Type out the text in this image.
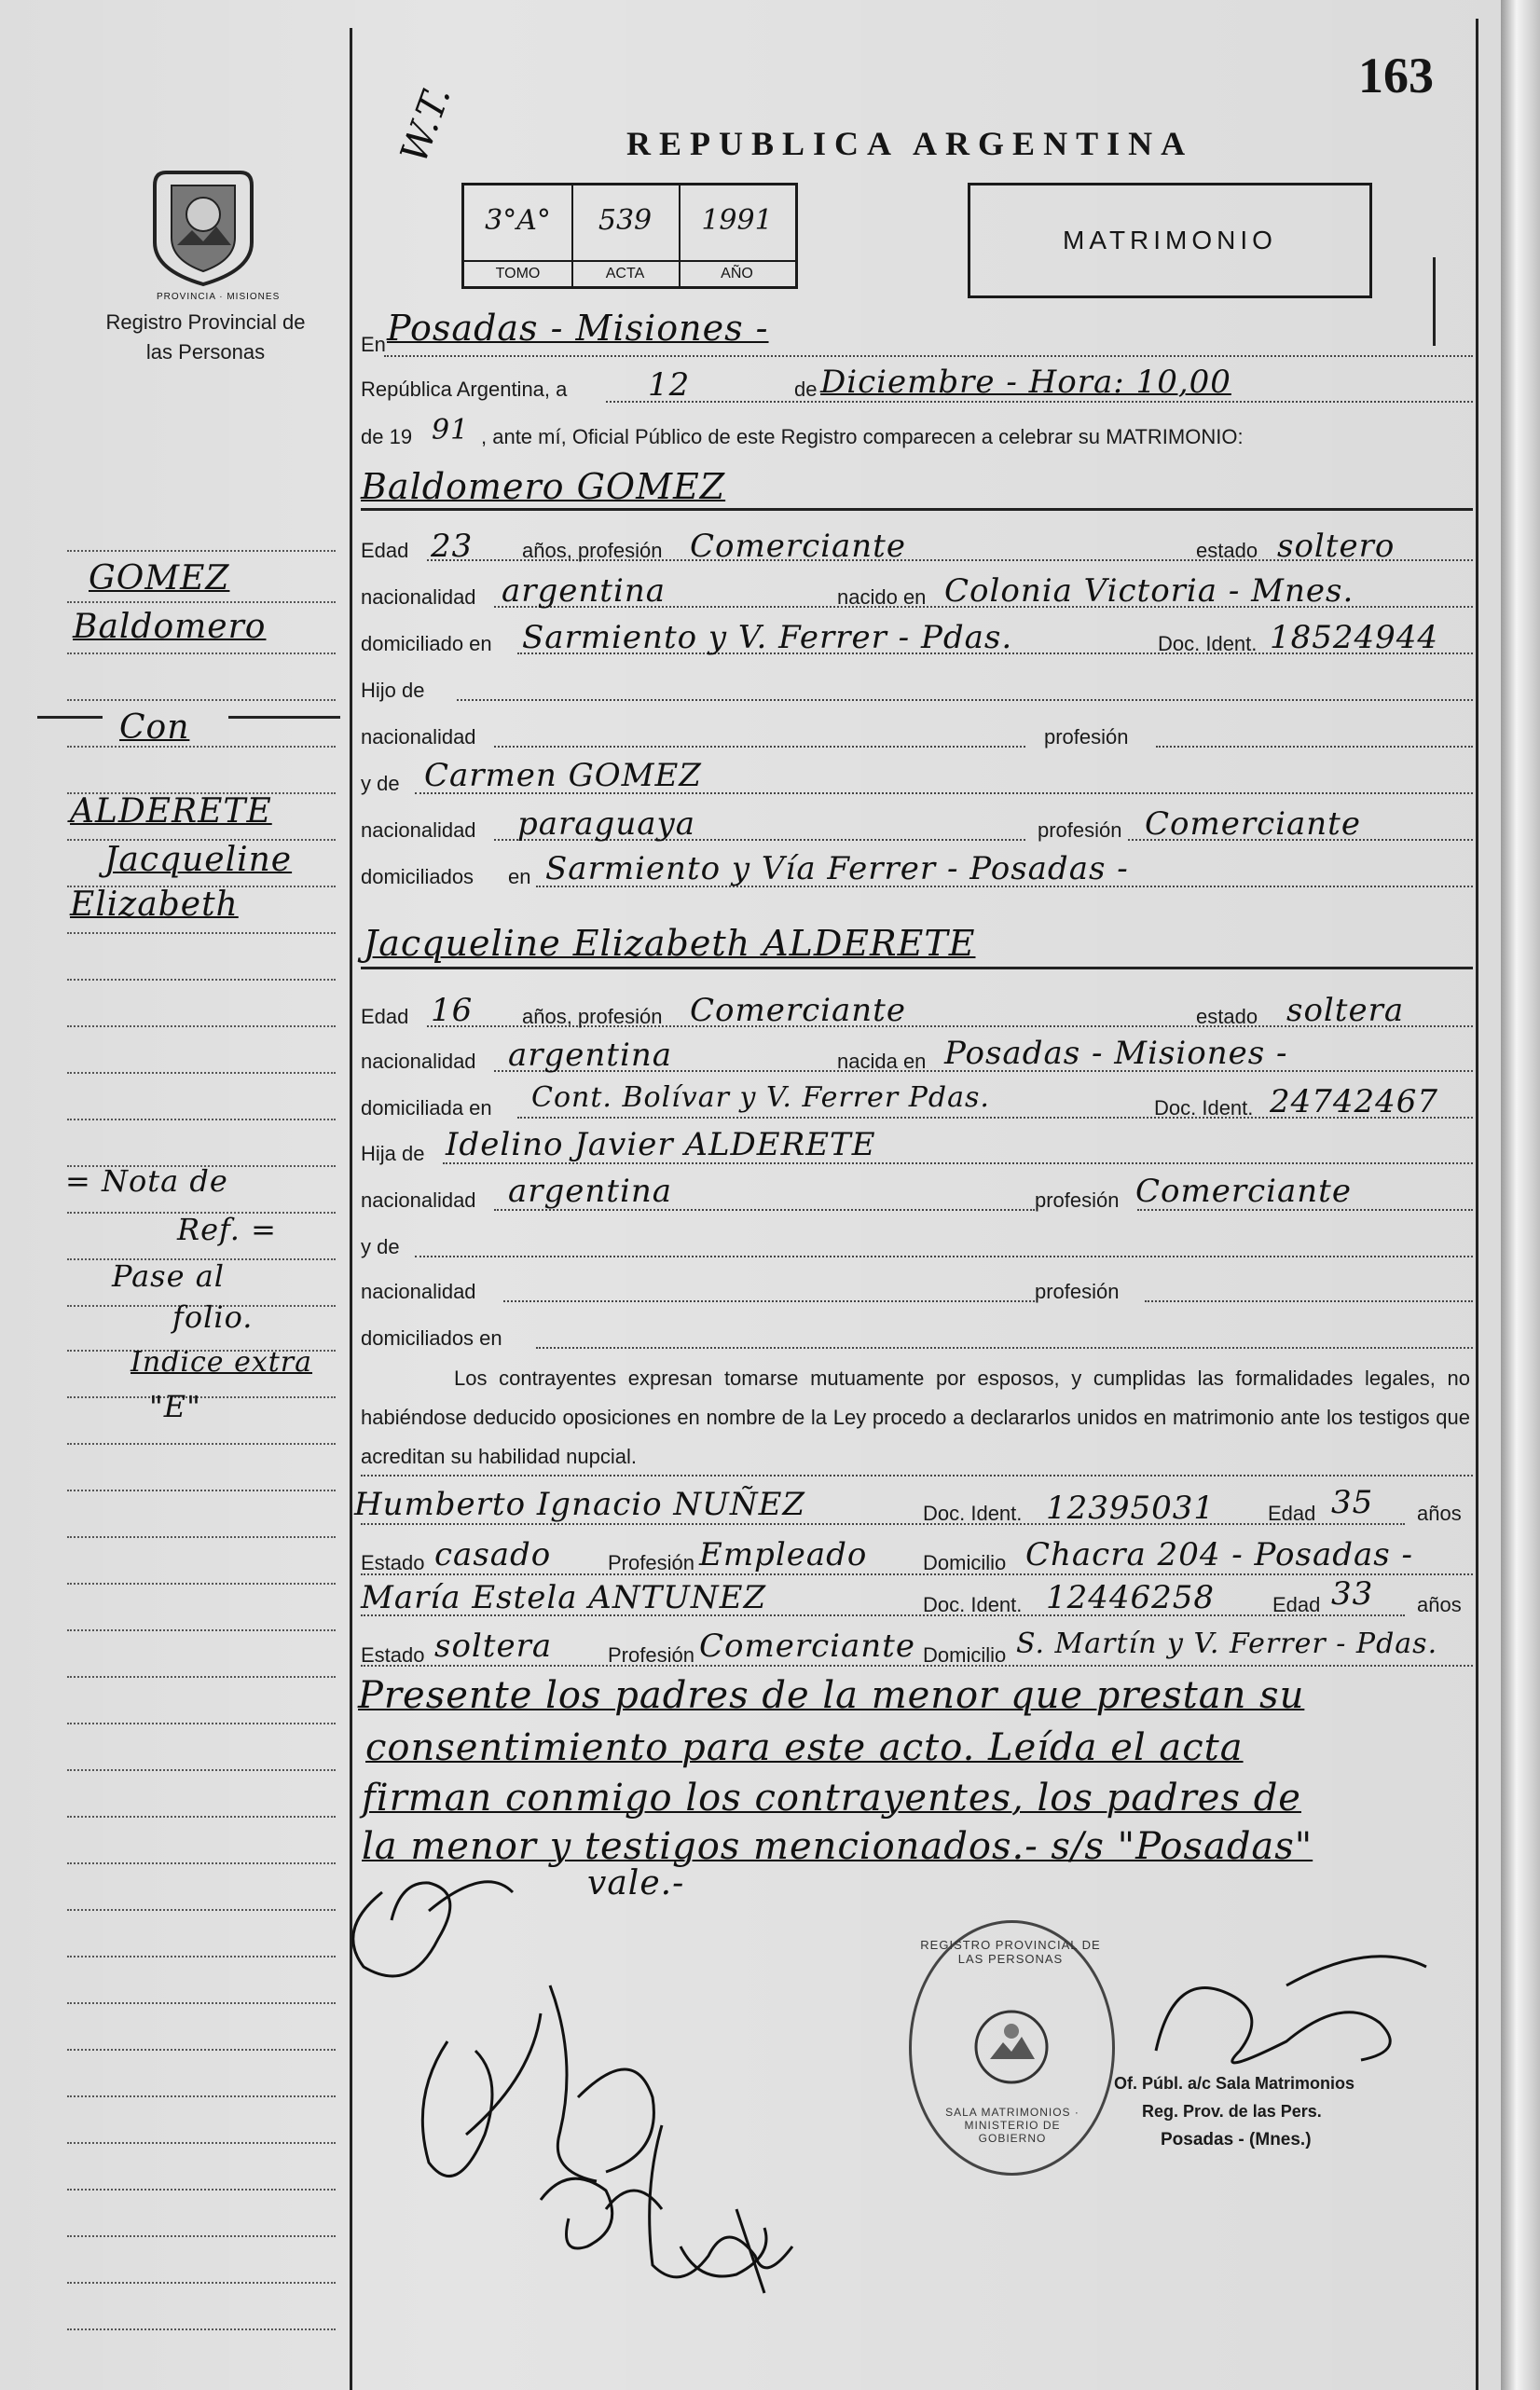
163
W.T.	REPUBLICA ARGENTINA
PROVINCIA · MISIONES
Registro Provincial de las Personas
3°A°
TOMO
539
ACTA
1991
AÑO
MATRIMONIO
En Posadas - Misiones -
República Argentina, a	12	de Diciembre - Hora: 10,00
de 19 91 , ante mí, Oficial Público de este Registro comparecen a celebrar su MATRIMONIO:
Baldomero GOMEZ
Edad 23 años, profesión Comerciante	estado soltero
nacionalidad argentina	nacido en Colonia Victoria - Mnes.
domiciliado en Sarmiento y V. Ferrer - Pdas.	Doc. Ident. 18524944
Hijo de
nacionalidad	profesión
y de Carmen GOMEZ
nacionalidad paraguaya	profesión Comerciante
domiciliados en Sarmiento y Vía Ferrer - Posadas -
Jacqueline Elizabeth ALDERETE
Edad 16 años, profesión Comerciante	estado soltera
nacionalidad argentina	nacida en Posadas - Misiones -
domiciliada en Cont. Bolívar y V. Ferrer Pdas.	Doc. Ident. 24742467
Hija de Idelino Javier ALDERETE
nacionalidad argentina	profesión Comerciante
y de
nacionalidad	profesión
domiciliados en
Los contrayentes expresan tomarse mutuamente por esposos, y cumplidas las formalidades legales, no habiéndose deducido oposiciones en nombre de la Ley procedo a declararlos unidos en matrimonio ante los testigos que acreditan su habilidad nupcial.
Humberto Ignacio NUÑEZ	Doc. Ident. 12395031	Edad 35 años
Estado casado	Profesión Empleado	Domicilio Chacra 204 - Posadas -
María Estela ANTUNEZ	Doc. Ident. 12446258	Edad 33 años
Estado soltera	Profesión Comerciante Domicilio S. Martín y V. Ferrer - Pdas.
Presente los padres de la menor que prestan su
consentimiento para este acto. Leída el acta
firman conmigo los contrayentes, los padres de
la menor y testigos mencionados.- s/s "Posadas"
vale.-
REGISTRO PROVINCIAL DE LAS PERSONAS
SALA MATRIMONIOS · MINISTERIO DE GOBIERNO
Of. Públ. a/c Sala Matrimonios
Reg. Prov. de las Pers.
Posadas - (Mnes.)
GOMEZ
Baldomero
Con
ALDERETE
Jacqueline
Elizabeth
= Nota de
Ref. =
Pase al
folio.
Indice extra
"E"
